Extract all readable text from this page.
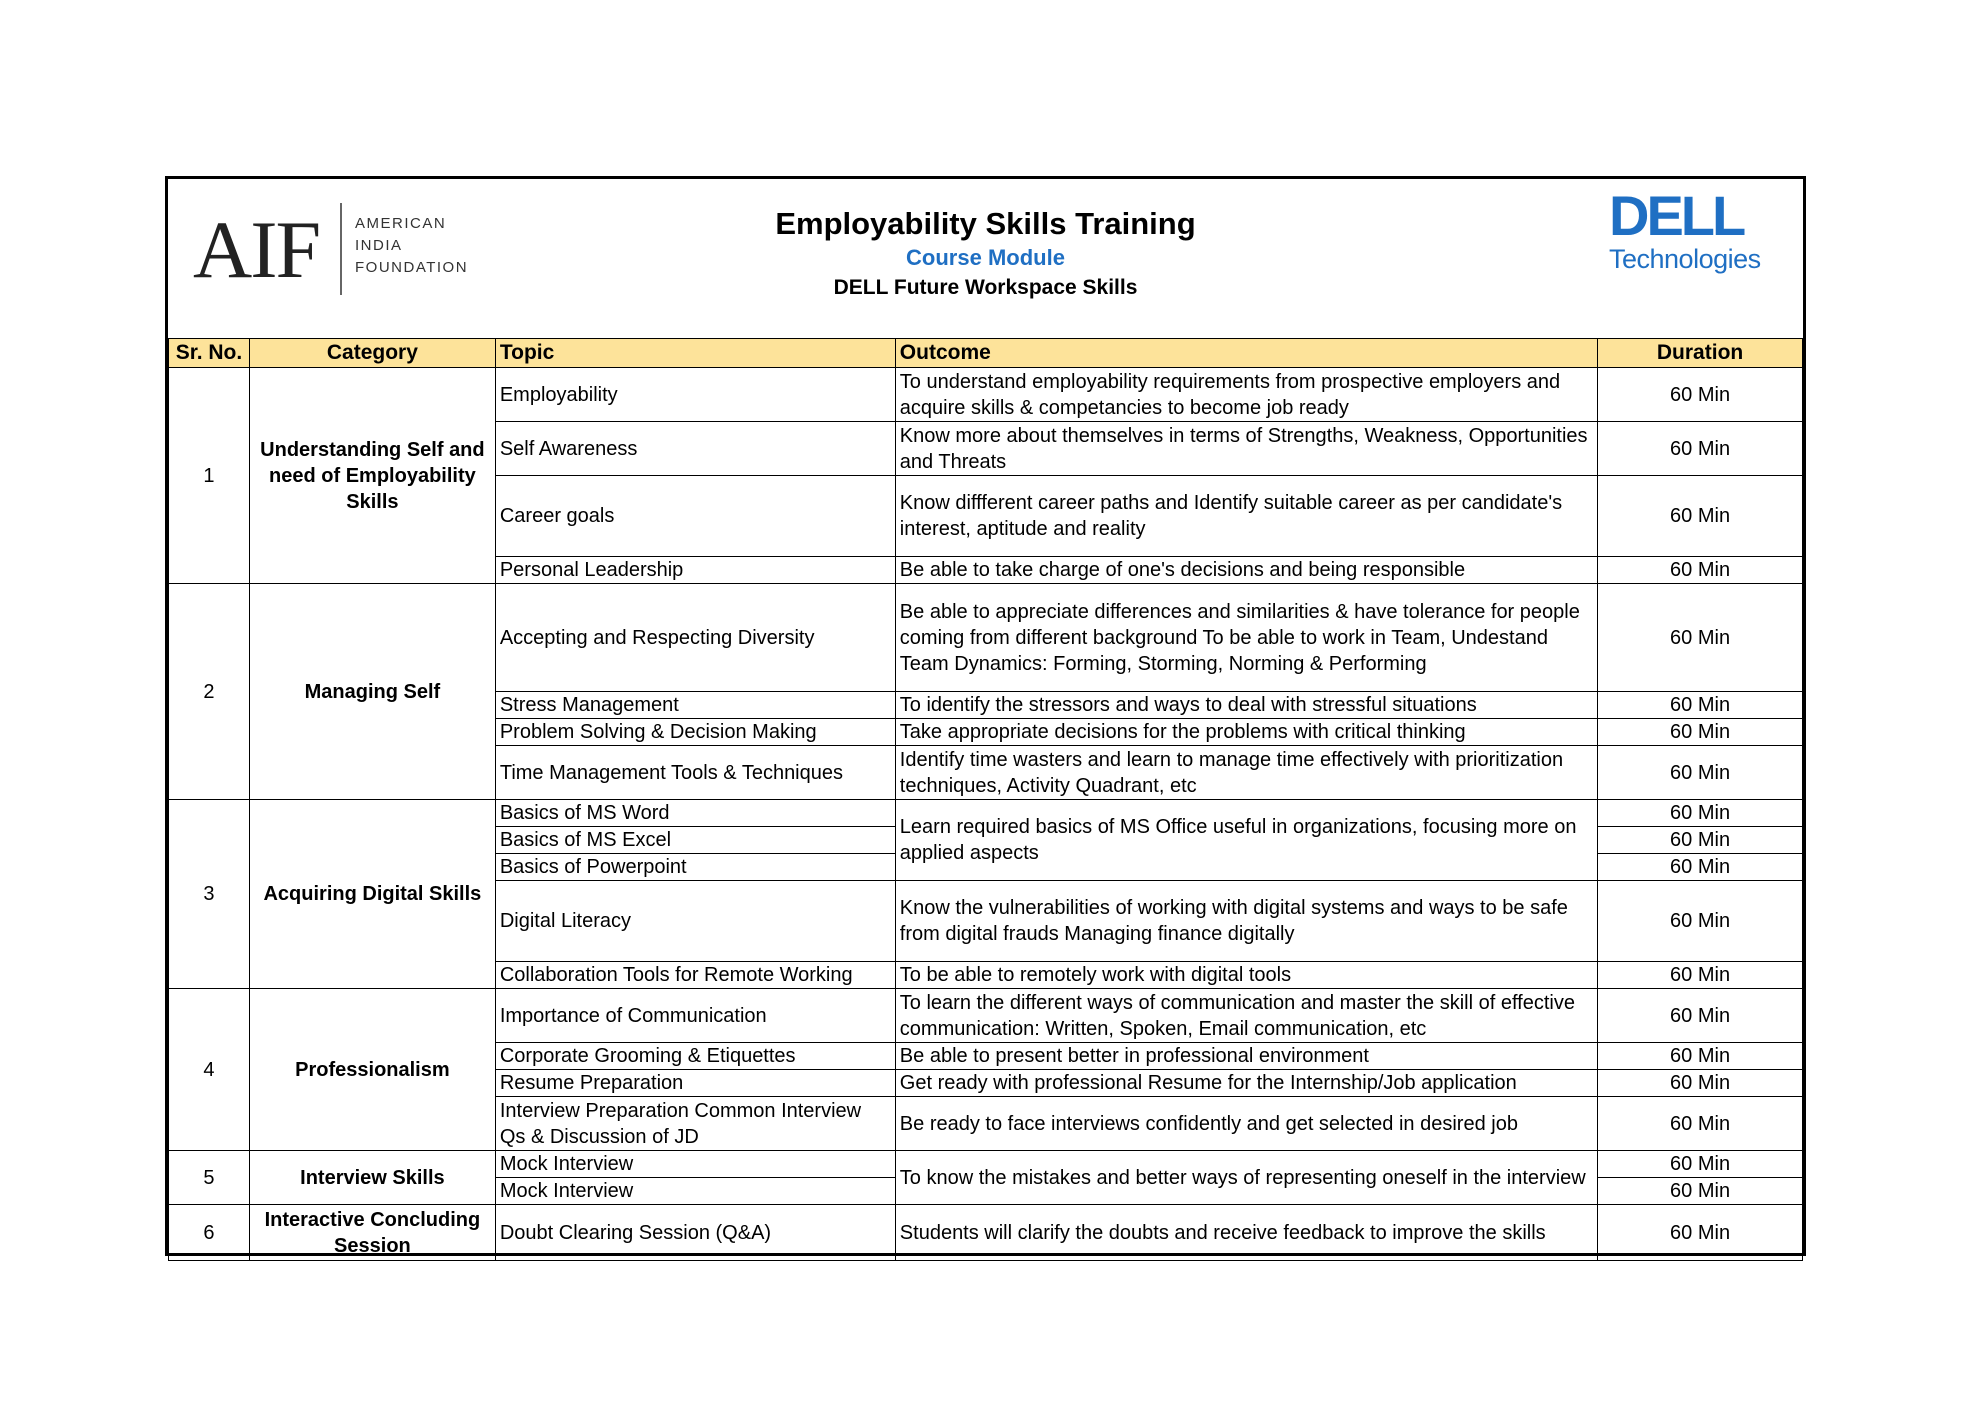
AIF AMERICAN
INDIA
FOUNDATION
Employability Skills Training
Course Module
DELL Future Workspace Skills
DELL
Technologies
Sr. No.	Category	Topic	Outcome	Duration
1	Understanding Self and need of Employability Skills	Employability	To understand employability requirements from prospective employers and acquire skills & competancies to become job ready	60 Min
		Self Awareness	Know more about themselves in terms of Strengths, Weakness, Opportunities and Threats	60 Min
		Career goals	Know diffferent career paths and Identify suitable career as per candidate's interest, aptitude and reality	60 Min
		Personal Leadership	Be able to take charge of one's decisions and being responsible	60 Min
2	Managing Self	Accepting and Respecting Diversity	Be able to appreciate differences and similarities & have tolerance for people coming from different background To be able to work in Team, Undestand Team Dynamics: Forming, Storming, Norming & Performing	60 Min
		Stress Management	To identify the stressors and ways to deal with stressful situations	60 Min
		Problem Solving & Decision Making	Take appropriate decisions for the problems with critical thinking	60 Min
		Time Management Tools & Techniques	Identify time wasters and learn to manage time effectively with prioritization techniques, Activity Quadrant, etc	60 Min
3	Acquiring Digital Skills	Basics of MS Word	Learn required basics of MS Office useful in organizations, focusing more on applied aspects	60 Min
		Basics of MS Excel		60 Min
		Basics of Powerpoint		60 Min
		Digital Literacy	Know the vulnerabilities of working with digital systems and ways to be safe from digital frauds Managing finance digitally	60 Min
		Collaboration Tools for Remote Working	To be able to remotely work with digital tools	60 Min
4	Professionalism	Importance of Communication	To learn the different ways of communication and master the skill of effective communication: Written, Spoken, Email communication, etc	60 Min
		Corporate Grooming & Etiquettes	Be able to present better in professional environment	60 Min
		Resume Preparation	Get ready with professional Resume for the Internship/Job application	60 Min
		Interview Preparation Common Interview Qs & Discussion of JD	Be ready to face interviews confidently and get selected in desired job	60 Min
5	Interview Skills	Mock Interview	To know the mistakes and better ways of representing oneself in the interview	60 Min
		Mock Interview		60 Min
6	Interactive Concluding Session	Doubt Clearing Session (Q&A)	Students will clarify the doubts and receive feedback to improve the skills	60 Min
